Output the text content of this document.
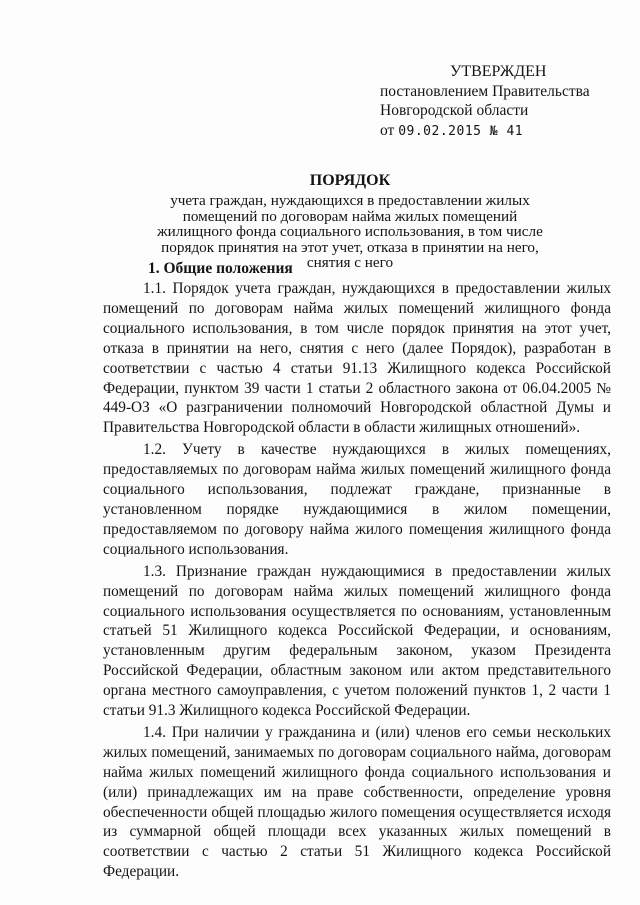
УТВЕРЖДЕН
постановлением Правительства
Новгородской области
от 09.02.2015 № 41
ПОРЯДОК
учета граждан, нуждающихся в предоставлении жилых помещений по договорам найма жилых помещений жилищного фонда социального использования, в том числе порядок принятия на этот учет, отказа в принятии на него, снятия с него
1. Общие положения

1.1. Порядок учета граждан, нуждающихся в предоставлении жилых помещений по договорам найма жилых помещений жилищного фонда социального использования, в том числе порядок принятия на этот учет, отказа в принятии на него, снятия с него (далее Порядок), разработан в соответствии с частью 4 статьи 91.13 Жилищного кодекса Российской Федерации, пунктом 39 части 1 статьи 2 областного закона от 06.04.2005 № 449-ОЗ «О разграничении полномочий Новгородской областной Думы и Правительства Новгородской области в области жилищных отношений».

1.2. Учету в качестве нуждающихся в жилых помещениях, предоставляемых по договорам найма жилых помещений жилищного фонда социального использования, подлежат граждане, признанные в установленном порядке нуждающимися в жилом помещении, предоставляемом по договору найма жилого помещения жилищного фонда социального использования.

1.3. Признание граждан нуждающимися в предоставлении жилых помещений по договорам найма жилых помещений жилищного фонда социального использования осуществляется по основаниям, установленным статьей 51 Жилищного кодекса Российской Федерации, и основаниям, установленным другим федеральным законом, указом Президента Российской Федерации, областным законом или актом представительного органа местного самоуправления, с учетом положений пунктов 1, 2 части 1 статьи 91.3 Жилищного кодекса Российской Федерации.

1.4. При наличии у гражданина и (или) членов его семьи нескольких жилых помещений, занимаемых по договорам социального найма, договорам найма жилых помещений жилищного фонда социального использования и (или) принадлежащих им на праве собственности, определение уровня обеспеченности общей площадью жилого помещения осуществляется исходя из суммарной общей площади всех указанных жилых помещений в соответствии с частью 2 статьи 51 Жилищного кодекса Российской Федерации.
